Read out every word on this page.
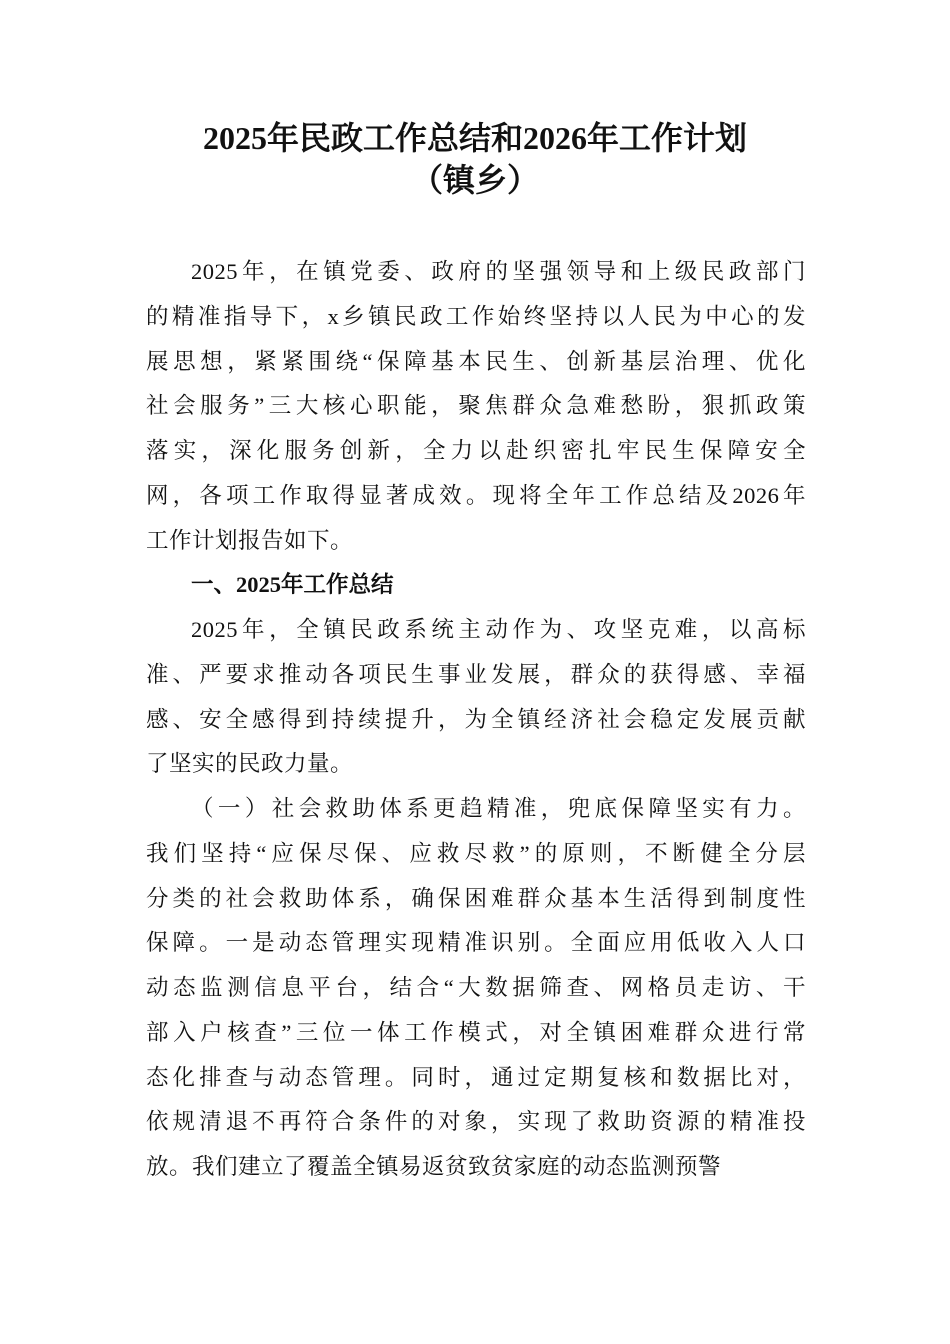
2025年民政工作总结和2026年工作计划
（镇乡）
2025年，在镇党委、政府的坚强领导和上级民政部门
的精准指导下，x乡镇民政工作始终坚持以人民为中心的发
展思想，紧紧围绕“保障基本民生、创新基层治理、优化
社会服务”三大核心职能，聚焦群众急难愁盼，狠抓政策
落实，深化服务创新，全力以赴织密扎牢民生保障安全
网，各项工作取得显著成效。现将全年工作总结及2026年
工作计划报告如下。
一、2025年工作总结
2025年，全镇民政系统主动作为、攻坚克难，以高标
准、严要求推动各项民生事业发展，群众的获得感、幸福
感、安全感得到持续提升，为全镇经济社会稳定发展贡献
了坚实的民政力量。
（一）社会救助体系更趋精准，兜底保障坚实有力。
我们坚持“应保尽保、应救尽救”的原则，不断健全分层
分类的社会救助体系，确保困难群众基本生活得到制度性
保障。一是动态管理实现精准识别。全面应用低收入人口
动态监测信息平台，结合“大数据筛查、网格员走访、干
部入户核查”三位一体工作模式，对全镇困难群众进行常
态化排查与动态管理。同时，通过定期复核和数据比对，
依规清退不再符合条件的对象，实现了救助资源的精准投
放。我们建立了覆盖全镇易返贫致贫家庭的动态监测预警
